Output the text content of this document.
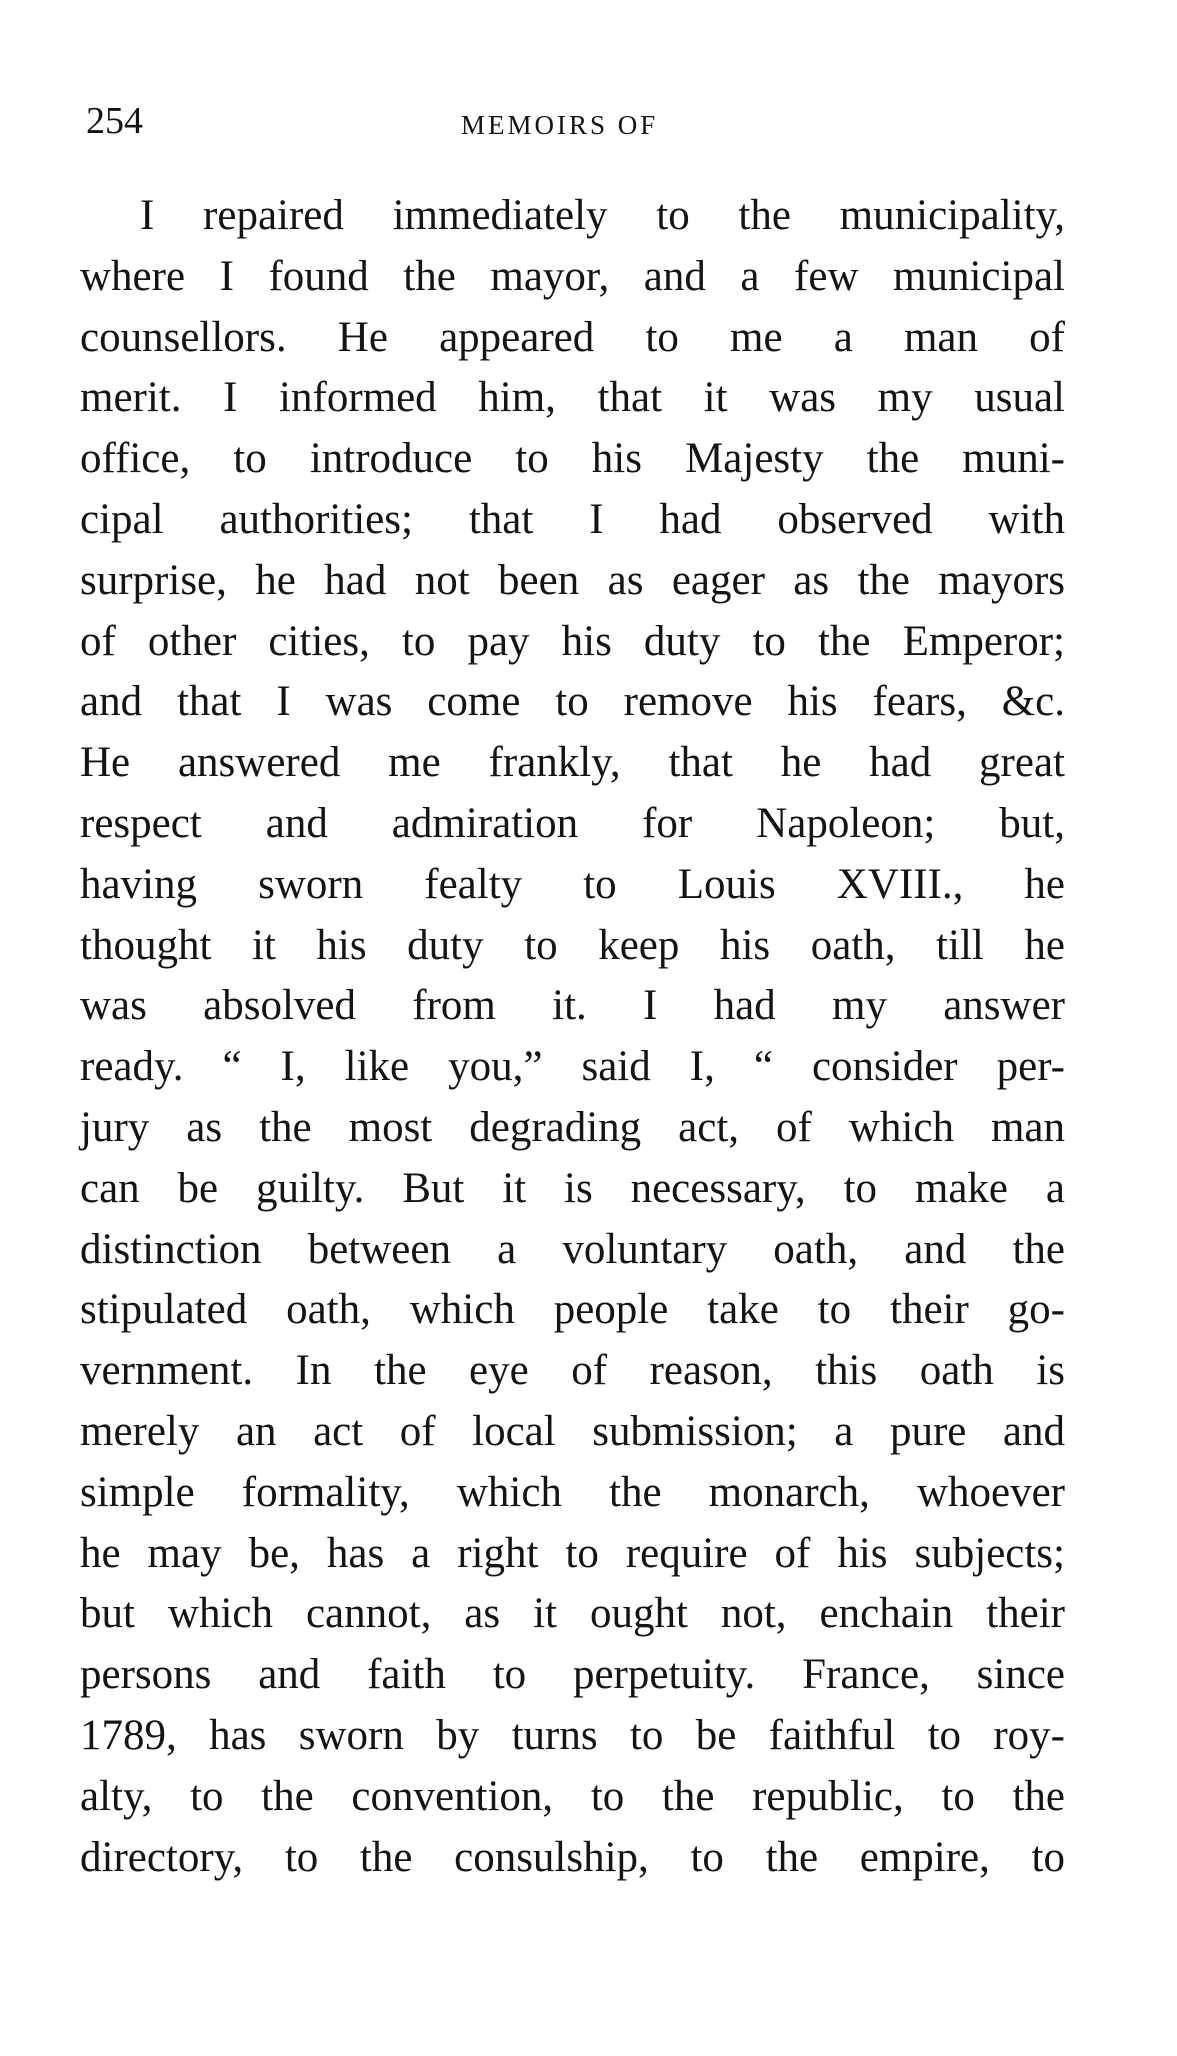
254	MEMOIRS OF
I repaired immediately to the municipality,
where I found the mayor, and a few municipal
counsellors. He appeared to me a man of
merit. I informed him, that it was my usual
office, to introduce to his Majesty the muni-
cipal authorities; that I had observed with
surprise, he had not been as eager as the mayors
of other cities, to pay his duty to the Emperor;
and that I was come to remove his fears, &c.
He answered me frankly, that he had great
respect and admiration for Napoleon; but,
having sworn fealty to Louis XVIII., he
thought it his duty to keep his oath, till he
was absolved from it. I had my answer
ready. “ I, like you,” said I, “ consider per-
jury as the most degrading act, of which man
can be guilty. But it is necessary, to make a
distinction between a voluntary oath, and the
stipulated oath, which people take to their go-
vernment. In the eye of reason, this oath is
merely an act of local submission; a pure and
simple formality, which the monarch, whoever
he may be, has a right to require of his subjects;
but which cannot, as it ought not, enchain their
persons and faith to perpetuity. France, since
1789, has sworn by turns to be faithful to roy-
alty, to the convention, to the republic, to the
directory, to the consulship, to the empire, to
